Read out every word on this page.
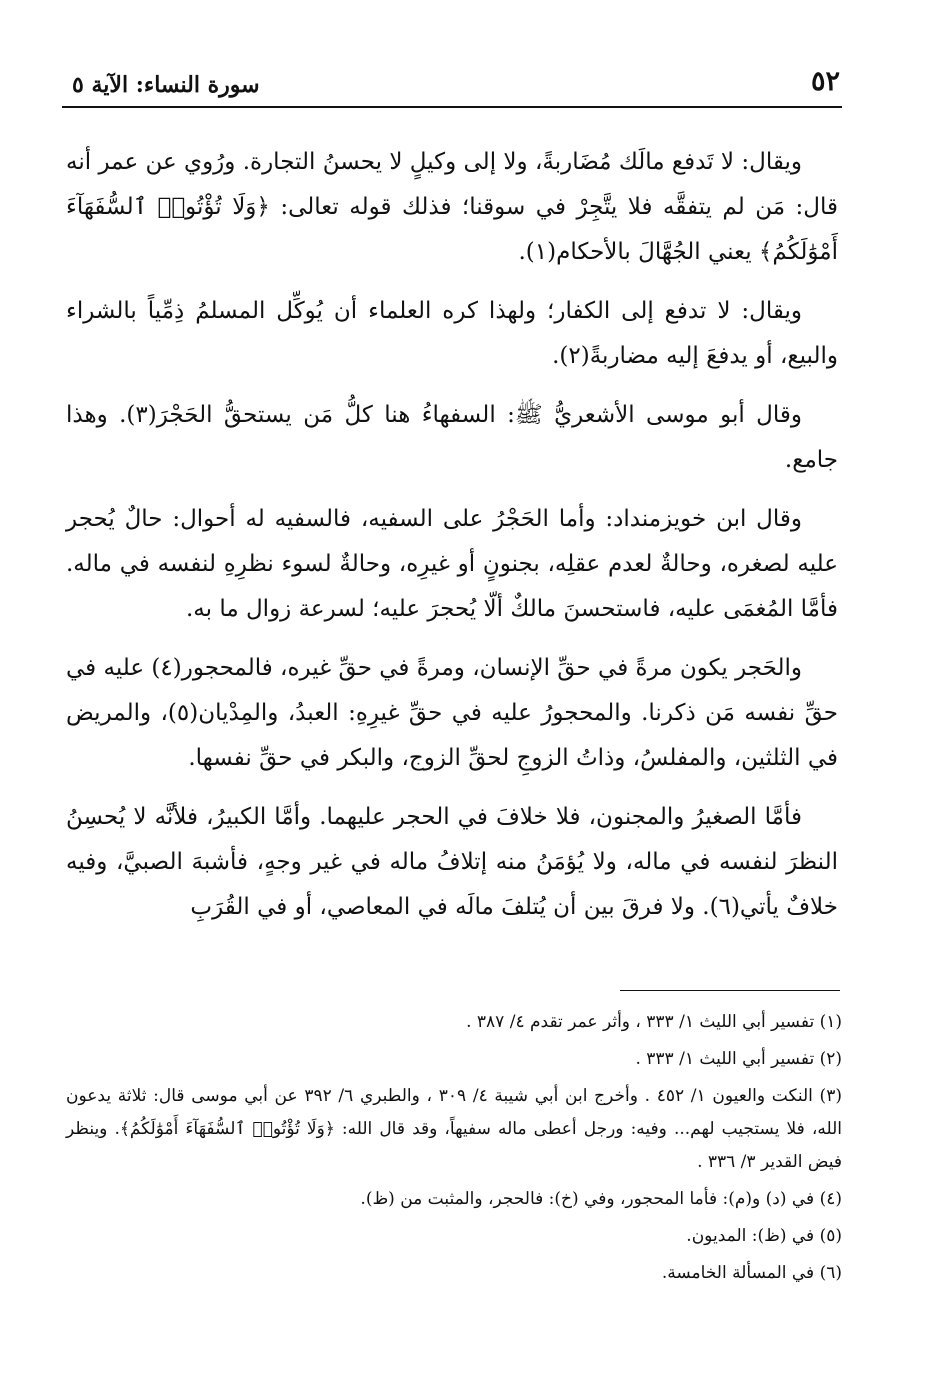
٥٢
سورة النساء: الآية ٥

ويقال: لا تَدفع مالَك مُضَاربةً، ولا إلى وكيلٍ لا يحسنُ التجارة. ورُوي عن عمر أنه قال: مَن لم يتفقَّه فلا يتَّجِرْ في سوقنا؛ فذلك قوله تعالى: ﴿وَلَا تُؤْتُوا۟ ٱلسُّفَهَآءَ أَمْوَٰلَكُمُ﴾ يعني الجُهَّالَ بالأحكام(١).

ويقال: لا تدفع إلى الكفار؛ ولهذا كره العلماء أن يُوكِّل المسلمُ ذِمِّياً بالشراء والبيع، أو يدفعَ إليه مضاربةً(٢).

وقال أبو موسى الأشعريُّ ﷺ: السفهاءُ هنا كلُّ مَن يستحقُّ الحَجْرَ(٣). وهذا جامع.

وقال ابن خويزمنداد: وأما الحَجْرُ على السفيه، فالسفيه له أحوال: حالٌ يُحجر عليه لصغره، وحالةٌ لعدم عقلِه، بجنونٍ أو غيرِه، وحالةٌ لسوء نظرِهِ لنفسه في ماله. فأمَّا المُغمَى عليه، فاستحسنَ مالكٌ ألّا يُحجرَ عليه؛ لسرعة زوال ما به.

والحَجر يكون مرةً في حقِّ الإنسان، ومرةً في حقِّ غيره، فالمحجور(٤) عليه في حقِّ نفسه مَن ذكرنا. والمحجورُ عليه في حقِّ غيرِهِ: العبدُ، والمِدْيان(٥)، والمريض في الثلثين، والمفلسُ، وذاتُ الزوجِ لحقِّ الزوج، والبكر في حقِّ نفسها.

فأمَّا الصغيرُ والمجنون، فلا خلافَ في الحجر عليهما. وأمَّا الكبيرُ، فلأنَّه لا يُحسِنُ النظرَ لنفسه في ماله، ولا يُؤمَنُ منه إتلافُ ماله في غير وجهٍ، فأشبهَ الصبيَّ، وفيه خلافٌ يأتي(٦). ولا فرقَ بين أن يُتلفَ مالَه في المعاصي، أو في القُرَبِ

(١) تفسير أبي الليث ١/ ٣٣٣ ، وأثر عمر تقدم ٤/ ٣٨٧ .
(٢) تفسير أبي الليث ١/ ٣٣٣ .
(٣) النكت والعيون ١/ ٤٥٢ . وأخرج ابن أبي شيبة ٤/ ٣٠٩ ، والطبري ٦/ ٣٩٢ عن أبي موسى قال: ثلاثة يدعون الله، فلا يستجيب لهم... وفيه: ورجل أعطى ماله سفيهاً، وقد قال الله: ﴿وَلَا تُؤْتُوا۟ ٱلسُّفَهَآءَ أَمْوَٰلَكُمُ﴾. وينظر فيض القدير ٣/ ٣٣٦ .
(٤) في (د) و(م): فأما المحجور، وفي (خ): فالحجر، والمثبت من (ظ).
(٥) في (ظ): المديون.
(٦) في المسألة الخامسة.
